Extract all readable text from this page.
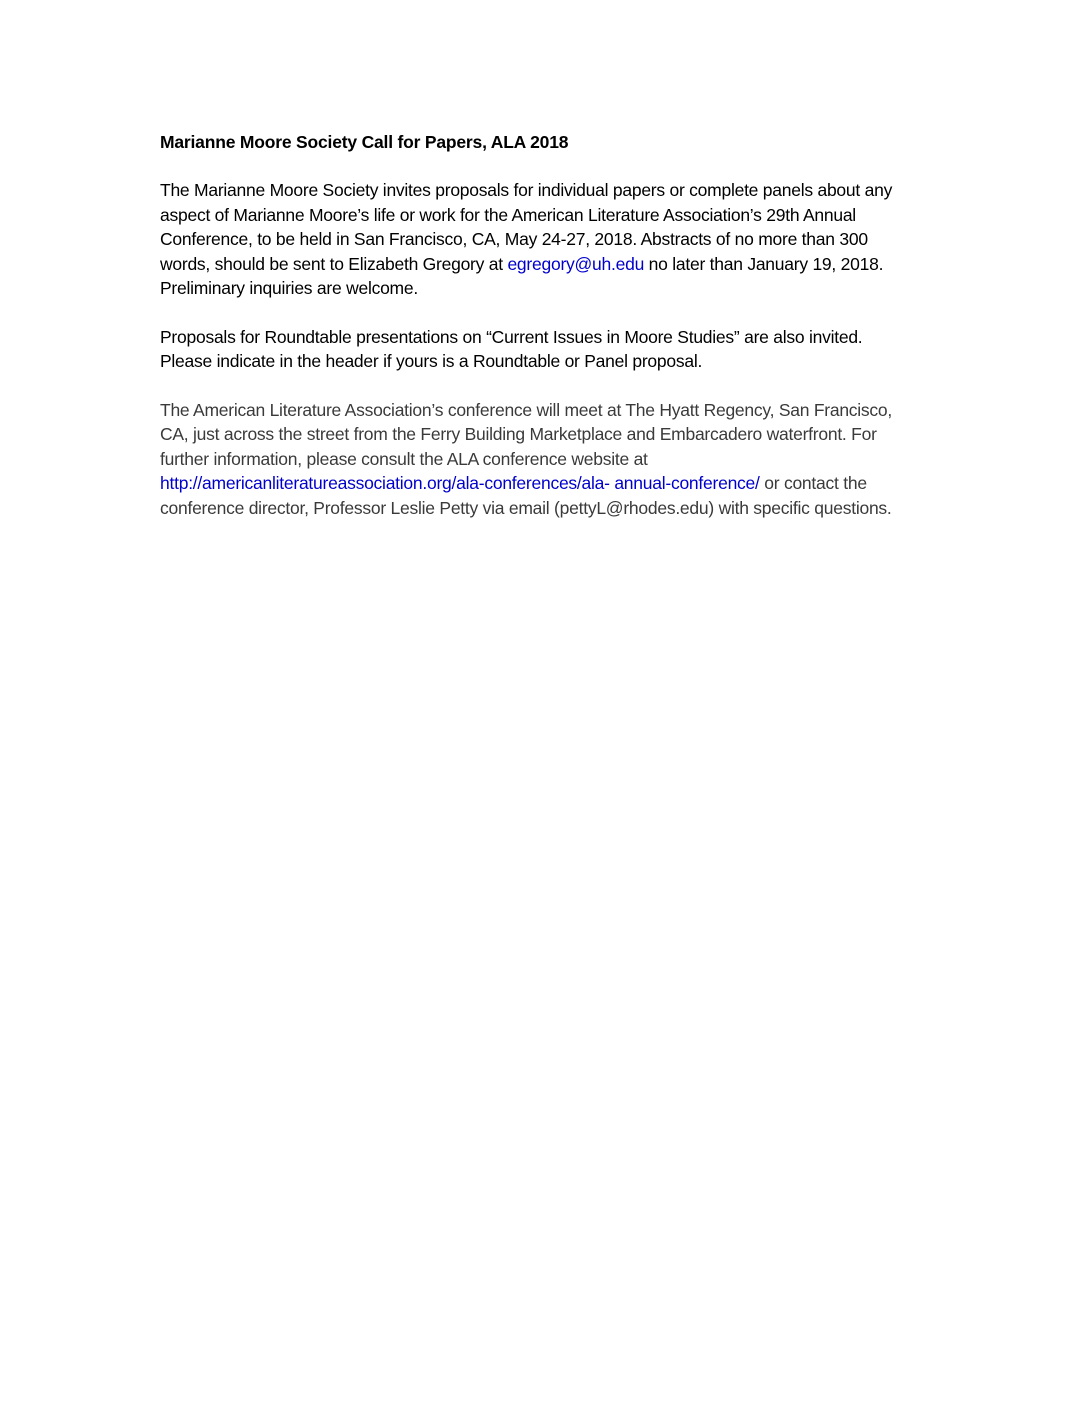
Marianne Moore Society Call for Papers, ALA 2018
The Marianne Moore Society invites proposals for individual papers or complete panels about any
aspect of Marianne Moore’s life or work for the American Literature Association’s 29th Annual
Conference, to be held in San Francisco, CA, May 24-27, 2018. Abstracts of no more than 300
words, should be sent to Elizabeth Gregory at egregory@uh.edu no later than January 19, 2018.
Preliminary inquiries are welcome.
Proposals for Roundtable presentations on “Current Issues in Moore Studies” are also invited.
Please indicate in the header if yours is a Roundtable or Panel proposal.
The American Literature Association’s conference will meet at The Hyatt Regency, San Francisco,
CA, just across the street from the Ferry Building Marketplace and Embarcadero waterfront. For
further information, please consult the ALA conference website at
http://americanliteratureassociation.org/ala-conferences/ala- annual-conference/ or contact the
conference director, Professor Leslie Petty via email (pettyL@rhodes.edu) with specific questions.
